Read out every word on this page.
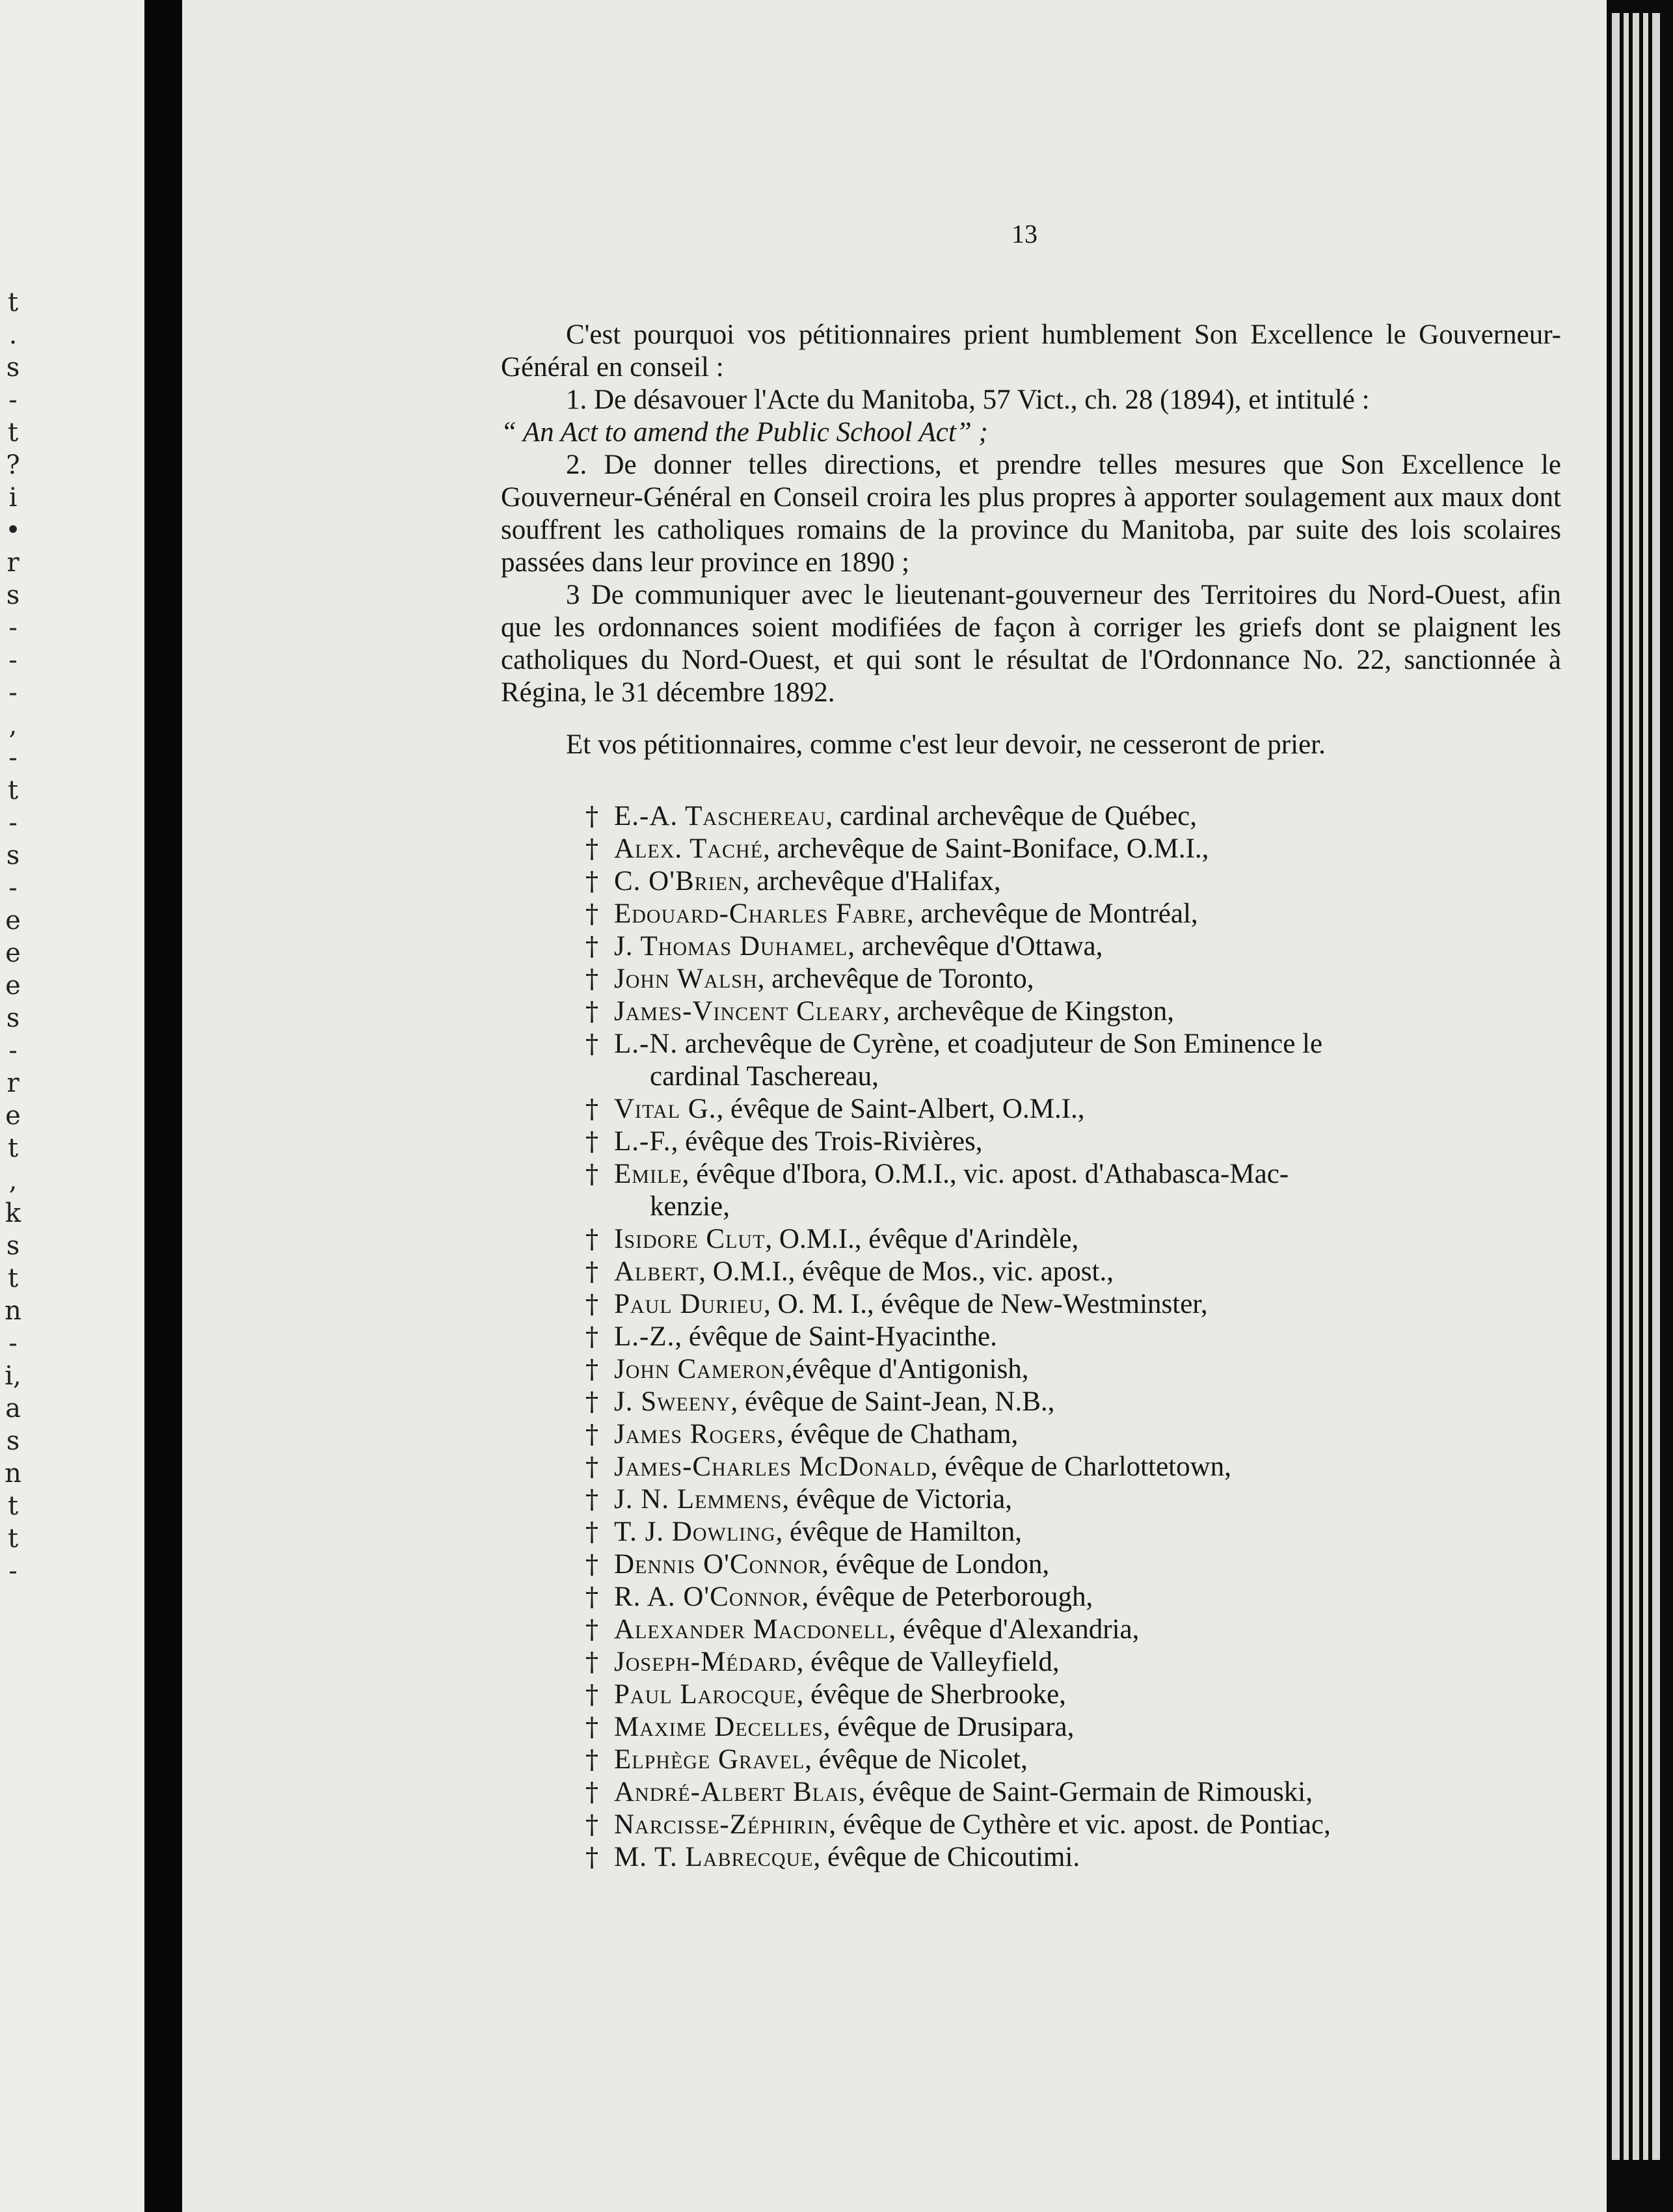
t
.
s
-
t
?
i
•
r
s
-
-
-
,
-
t
-
s
-
e
e
e
s
-
r
e
t
,
k
s
t
n
-
i,
a
s
n
t
t
-
13

C'est pourquoi vos pétitionnaires prient humblement Son Excellence le Gouverneur-Général en conseil :

1. De désavouer l'Acte du Manitoba, 57 Vict., ch. 28 (1894), et intitulé :
“ An Act to amend the Public School Act” ;

2. De donner telles directions, et prendre telles mesures que Son Excellence le Gouverneur-Général en Conseil croira les plus propres à apporter soulagement aux maux dont souffrent les catholiques romains de la province du Manitoba, par suite des lois scolaires passées dans leur province en 1890 ;

3 De communiquer avec le lieutenant-gouverneur des Territoires du Nord-Ouest, afin que les ordonnances soient modifiées de façon à corriger les griefs dont se plaignent les catholiques du Nord-Ouest, et qui sont le résultat de l'Ordonnance No. 22, sanctionnée à Régina, le 31 décembre 1892.

Et vos pétitionnaires, comme c'est leur devoir, ne cesseront de prier.

† E.-A. Taschereau, cardinal archevêque de Québec,
† Alex. Taché, archevêque de Saint-Boniface, O.M.I.,
† C. O'Brien, archevêque d'Halifax,
† Edouard-Charles Fabre, archevêque de Montréal,
† J. Thomas Duhamel, archevêque d'Ottawa,
† John Walsh, archevêque de Toronto,
† James-Vincent Cleary, archevêque de Kingston,
† L.-N. archevêque de Cyrène, et coadjuteur de Son Eminence le
cardinal Taschereau,
† Vital G., évêque de Saint-Albert, O.M.I.,
† L.-F., évêque des Trois-Rivières,
† Emile, évêque d'Ibora, O.M.I., vic. apost. d'Athabasca-Mac-
kenzie,
† Isidore Clut, O.M.I., évêque d'Arindèle,
† Albert, O.M.I., évêque de Mos., vic. apost.,
† Paul Durieu, O. M. I., évêque de New-Westminster,
† L.-Z., évêque de Saint-Hyacinthe.
† John Cameron,évêque d'Antigonish,
† J. Sweeny, évêque de Saint-Jean, N.B.,
† James Rogers, évêque de Chatham,
† James-Charles McDonald, évêque de Charlottetown,
† J. N. Lemmens, évêque de Victoria,
† T. J. Dowling, évêque de Hamilton,
† Dennis O'Connor, évêque de London,
† R. A. O'Connor, évêque de Peterborough,
† Alexander Macdonell, évêque d'Alexandria,
† Joseph-Médard, évêque de Valleyfield,
† Paul Larocque, évêque de Sherbrooke,
† Maxime Decelles, évêque de Drusipara,
† Elphège Gravel, évêque de Nicolet,
† André-Albert Blais, évêque de Saint-Germain de Rimouski,
† Narcisse-Zéphirin, évêque de Cythère et vic. apost. de Pontiac,
† M. T. Labrecque, évêque de Chicoutimi.
